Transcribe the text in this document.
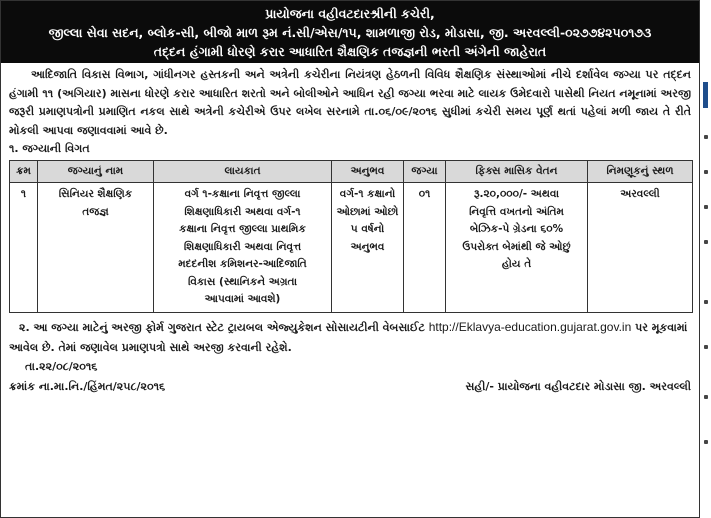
પ્રાયોજના વહીવટદારશ્રીની કચેરી,
જીલ્લા સેવા સદન, બ્લોક-સી, બીજો માળ રૂમ નં.સી/એસ/૧૫, શામળાજી રોડ, મોડાસા, જી. અરવલ્લી-૦૨૭૭૪૨૫૦૧૭૩
તદ્દન હંગામી ધોરણે કરાર આધારિત શૈક્ષણિક તજજ્ઞની ભરતી અંગેની જાહેરાત

આદિજાતિ વિકાસ વિભાગ, ગાંધીનગર હસ્તકની અને અત્રેની કચેરીના નિયંત્રણ હેઠળની વિવિધ શૈક્ષણિક સંસ્થાઓમાં નીચે દર્શાવેલ જગ્યા પર તદ્દન હંગામી ૧૧ (અગિયાર) માસના ધોરણે કરાર આધારિત શરતો અને બોલીઓને આધિન રહી જગ્યા ભરવા માટે લાયક ઉમેદવારો પાસેથી નિયત નમૂનામાં અરજી જરૂરી પ્રમાણપત્રોની પ્રમાણિત નકલ સાથે અત્રેની કચેરીએ ઉપર લખેલ સરનામે તા.૦૬/૦૯/૨૦૧૬ સુધીમાં કચેરી સમય પૂર્ણ થતાં પહેલાં મળી જાય તે રીતે મોકલી આપવા જણાવવામાં આવે છે.

૧. જગ્યાની વિગત
ક્રમ	જગ્યાનું નામ	લાયકાત	અનુભવ	જગ્યા	ફિક્સ માસિક વેતન	નિમણૂકનું સ્થળ
૧	સિનિયર શૈક્ષણિક તજજ્ઞ	વર્ગ ૧-કક્ષાના નિવૃત્ત જીલ્લા શિક્ષણાધિકારી અથવા વર્ગ-૧ કક્ષાના નિવૃત્ત જીલ્લા પ્રાથમિક શિક્ષણાધિકારી અથવા નિવૃત્ત મદદનીશ કમિશનર-આદિજાતિ વિકાસ (સ્થાનિકને અગ્રતા આપવામાં આવશે)	વર્ગ-૧ કક્ષાનો ઓછામાં ઓછો ૫ વર્ષનો અનુભવ	૦૧	રૂ.૨૦,૦૦૦/- અથવા નિવૃત્તિ વખતનો અંતિમ બેઝિક-પે ગ્રેડના ૬૦% ઉપરોક્ત બેમાંથી જે ઓછું હોય તે	અરવલ્લી

૨. આ જગ્યા માટેનું અરજી ફોર્મ ગુજરાત સ્ટેટ ટ્રાયબલ એજ્યુકેશન સોસાયટીની વેબસાઈટ http://Eklavya-education.gujarat.gov.in પર મૂકવામાં આવેલ છે. તેમાં જણાવેલ પ્રમાણપત્રો સાથે અરજી કરવાની રહેશે.

તા.૨૨/૦૮/૨૦૧૬
ક્રમાંક ના.મા.નિ./હિંમત/૨૫૮/૨૦૧૬	સહી/- પ્રાયોજના વહીવટદાર મોડાસા જી. અરવલ્લી
